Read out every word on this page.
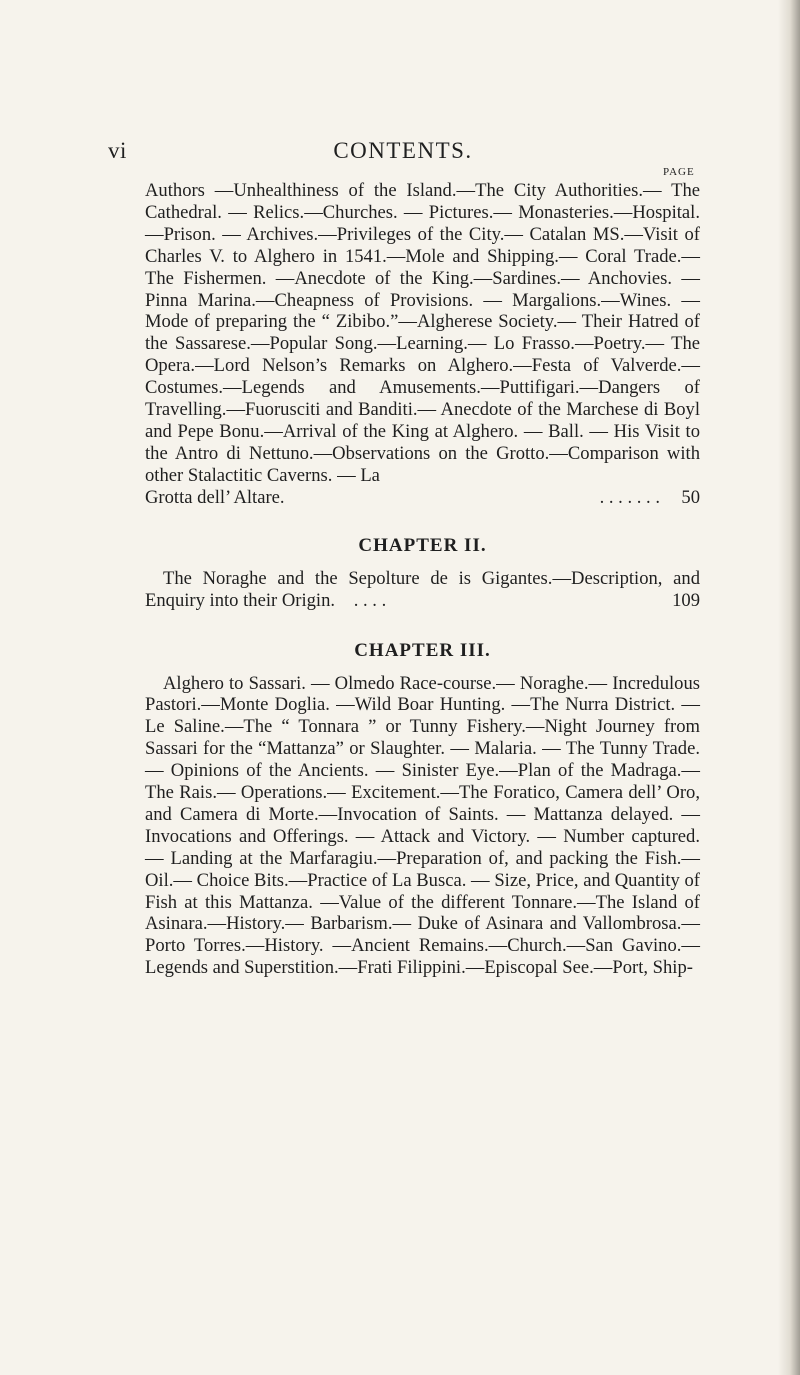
vi	CONTENTS.
PAGE

Authors —Unhealthiness of the Island.—The City Authorities.— The Cathedral. — Relics.—Churches. — Pictures.— Monasteries.—Hospital.—Prison. — Archives.—Privileges of the City.— Catalan MS.—Visit of Charles V. to Alghero in 1541.—Mole and Shipping.— Coral Trade.—The Fishermen. —Anecdote of the King.—Sardines.— Anchovies. — Pinna Marina.—Cheapness of Provisions. — Margalions.—Wines. —Mode of preparing the “ Zibibo.”—Algherese Society.— Their Hatred of the Sassarese.—Popular Song.—Learning.— Lo Frasso.—Poetry.— The Opera.—Lord Nelson’s Remarks on Alghero.—Festa of Valverde.—Costumes.—Legends and Amusements.—Puttifigari.—Dangers of Travelling.—Fuorusciti and Banditi.— Anecdote of the Marchese di Boyl and Pepe Bonu.—Arrival of the King at Alghero. — Ball. — His Visit to the Antro di Nettuno.—Observations on the Grotto.—Comparison with other Stalactitic Caverns. — La

Grotta dell’ Altare.	. . . . . . .	50
CHAPTER II.

The Noraghe and the Sepolture de is Gigantes.—Description, and Enquiry into their Origin. . . . .	109

CHAPTER III.

Alghero to Sassari. — Olmedo Race-course.— Noraghe.— Incredulous Pastori.—Monte Doglia. —Wild Boar Hunting. —The Nurra District. — Le Saline.—The “ Tonnara ” or Tunny Fishery.—Night Journey from Sassari for the “Mattanza” or Slaughter. — Malaria. — The Tunny Trade. — Opinions of the Ancients. — Sinister Eye.—Plan of the Madraga.—The Rais.— Operations.— Excitement.—The Foratico, Camera dell’ Oro, and Camera di Morte.—Invocation of Saints. — Mattanza delayed. — Invocations and Offerings. — Attack and Victory. — Number captured. — Landing at the Marfaragiu.—Preparation of, and packing the Fish.—Oil.— Choice Bits.—Practice of La Busca. — Size, Price, and Quantity of Fish at this Mattanza. —Value of the different Tonnare.—The Island of Asinara.—History.— Barbarism.— Duke of Asinara and Vallombrosa.—Porto Torres.—History. —Ancient Remains.—Church.—San Gavino.—Legends and Superstition.—Frati Filippini.—Episcopal See.—Port, Ship-
